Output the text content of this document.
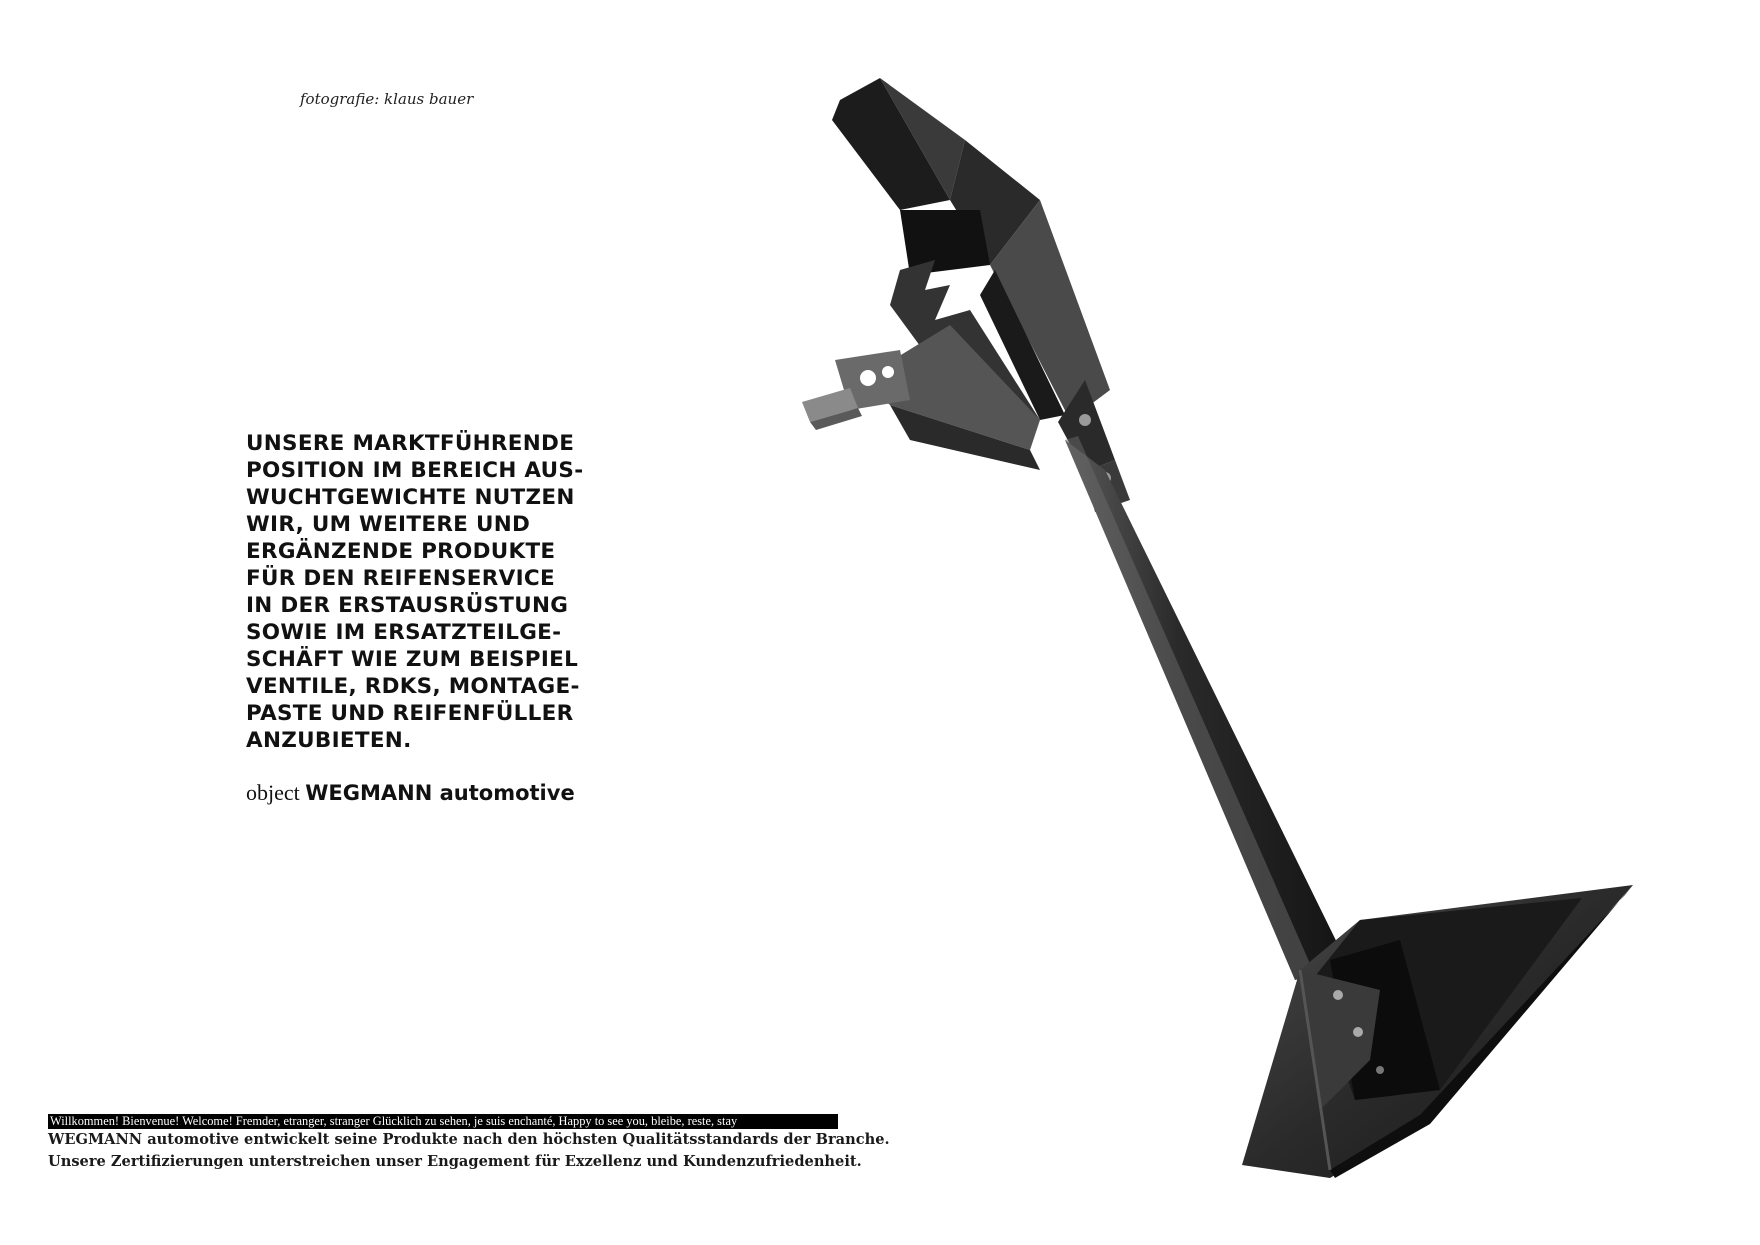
fotografie: klaus bauer
UNSERE MARKTFÜHRENDE
POSITION IM BEREICH AUS-
WUCHTGEWICHTE NUTZEN
WIR, UM WEITERE UND
ERGÄNZENDE PRODUKTE
FÜR DEN REIFENSERVICE
IN DER ERSTAUSRÜSTUNG
SOWIE IM ERSATZTEILGE-
SCHÄFT WIE ZUM BEISPIEL
VENTILE, RDKS, MONTAGE-
PASTE UND REIFENFÜLLER
ANZUBIETEN.
object WEGMANN automotive
Willkommen! Bienvenue! Welcome! Fremder, etranger, stranger Glücklich zu sehen, je suis enchanté, Happy to see you, bleibe, reste, stay
WEGMANN automotive entwickelt seine Produkte nach den höchsten Qualitätsstandards der Branche.
Unsere Zertifizierungen unterstreichen unser Engagement für Exzellenz und Kundenzufriedenheit.
